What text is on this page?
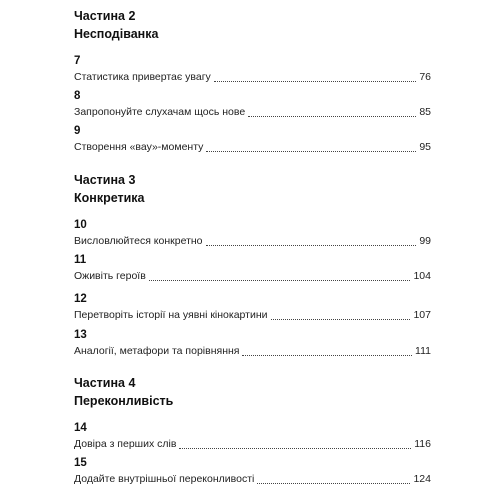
Частина 2
Несподіванка
7
Статистика привертає увагу	76
8
Запропонуйте слухачам щось нове	85
9
Створення «вау»-моменту	95
Частина 3
Конкретика
10
Висловлюйтеся конкретно	99
11
Оживіть героїв	104
12
Перетворіть історії на уявні кінокартини	107
13
Аналогії, метафори та порівняння	111
Частина 4
Переконливість
14
Довіра з перших слів	116
15
Додайте внутрішньої переконливості	124
